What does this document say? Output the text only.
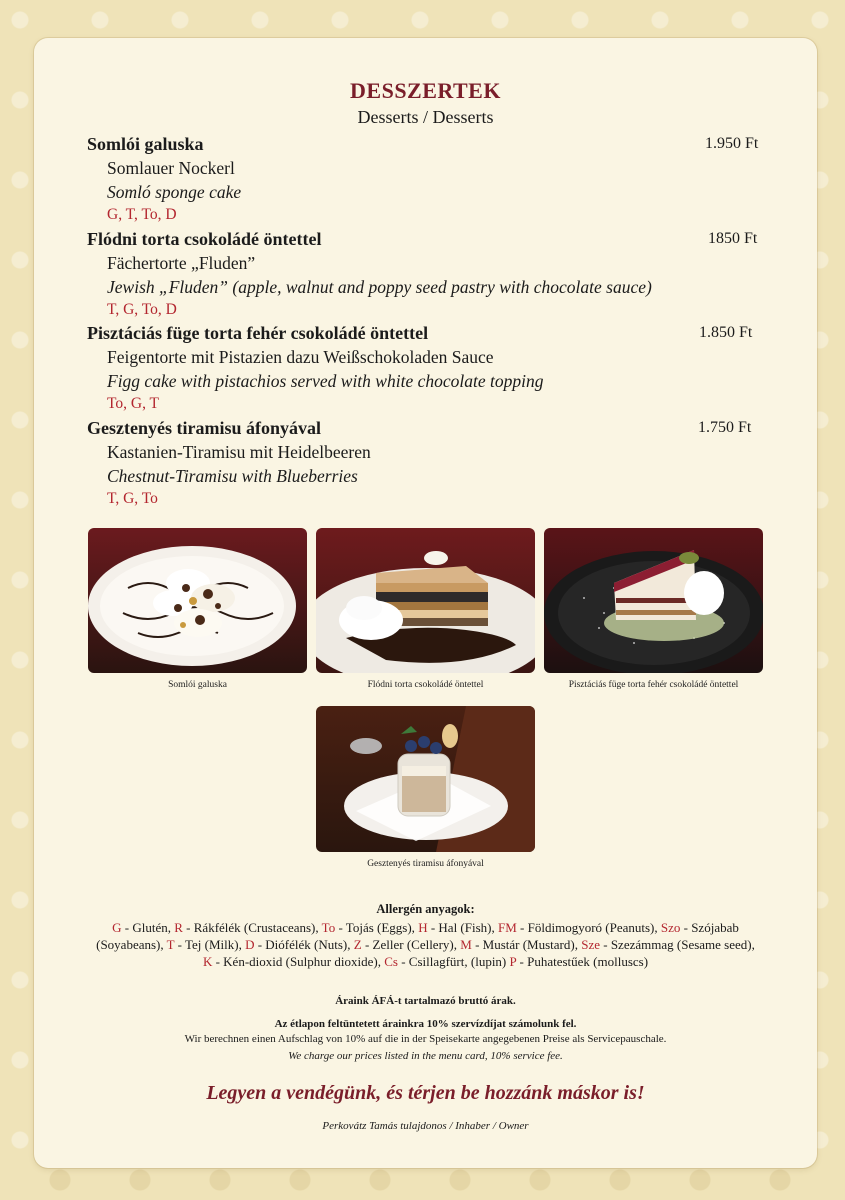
DESSZERTEK
Desserts / Desserts
Somlói galuska	1.950 Ft
Somlauer Nockerl
Somló sponge cake
G, T, To, D
Flódni torta csokoládé öntettel	1850 Ft
Fächertorte „Fluden”
Jewish „Fluden” (apple, walnut and poppy seed pastry with chocolate sauce)
T, G, To, D
Pisztáciás füge torta fehér csokoládé öntettel	1.850 Ft
Feigentorte mit Pistazien dazu Weißschokoladen Sauce
Figg cake with pistachios served with white chocolate topping
To, G, T
Gesztenyés tiramisu áfonyával	1.750 Ft
Kastanien-Tiramisu mit Heidelbeeren
Chestnut-Tiramisu with Blueberries
T, G, To
Somlói galuska	Flódni torta csokoládé öntettel	Pisztáciás füge torta fehér csokoládé öntettel
Gesztenyés tiramisu áfonyával
Allergén anyagok:
G - Glutén, R - Rákfélék (Crustaceans), To - Tojás (Eggs), H - Hal (Fish), FM - Földimogyoró (Peanuts), Szo - Szójabab (Soyabeans), T - Tej (Milk), D - Diófélék (Nuts), Z - Zeller (Cellery), M - Mustár (Mustard), Sze - Szezámmag (Sesame seed), K - Kén-dioxid (Sulphur dioxide), Cs - Csillagfürt, (lupin) P - Puhatestűek (molluscs)
Áraink ÁFÁ-t tartalmazó bruttó árak.
Az étlapon feltüntetett árainkra 10% szervízdíjat számolunk fel.
Wir berechnen einen Aufschlag von 10% auf die in der Speisekarte angegebenen Preise als Servicepauschale.
We charge our prices listed in the menu card, 10% service fee.
Legyen a vendégünk, és térjen be hozzánk máskor is!
Perkovátz Tamás tulajdonos / Inhaber / Owner
